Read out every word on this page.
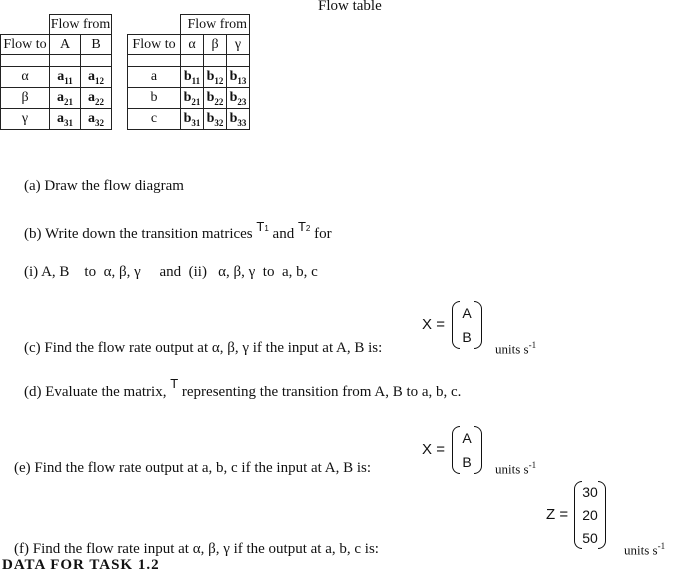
Flow table
	Flow from	
Flow to	A	B

α	$a_{11}$	$a_{12}$
β	$a_{21}$	$a_{22}$
γ	$a_{31}$	$a_{32}$
	Flow from		
Flow to	α	β	γ

a	$b_{11}$	$b_{12}$	$b_{13}$
b	$b_{21}$	$b_{22}$	$b_{23}$
c	$b_{31}$	$b_{32}$	$b_{33}$
(a) Draw the flow diagram
(b) Write down the transition matrices T1 and T2 for
(i) A, B    to  α, β, γ     and  (ii)   α, β, γ  to  a, b, c
X =
A
B
units $s^{-1}$
(c) Find the flow rate output at α, β, γ if the input at A, B is:
(d) Evaluate the matrix, T representing the transition from A, B to a, b, c.
X =
A
B units $s^{-1}$
(e) Find the flow rate output at a, b, c if the input at A, B is:
Z =
30
20
50
units $s^{-1}$
(f) Find the flow rate input at α, β, γ if the output at a, b, c is:
DATA FOR TASK 1.2
